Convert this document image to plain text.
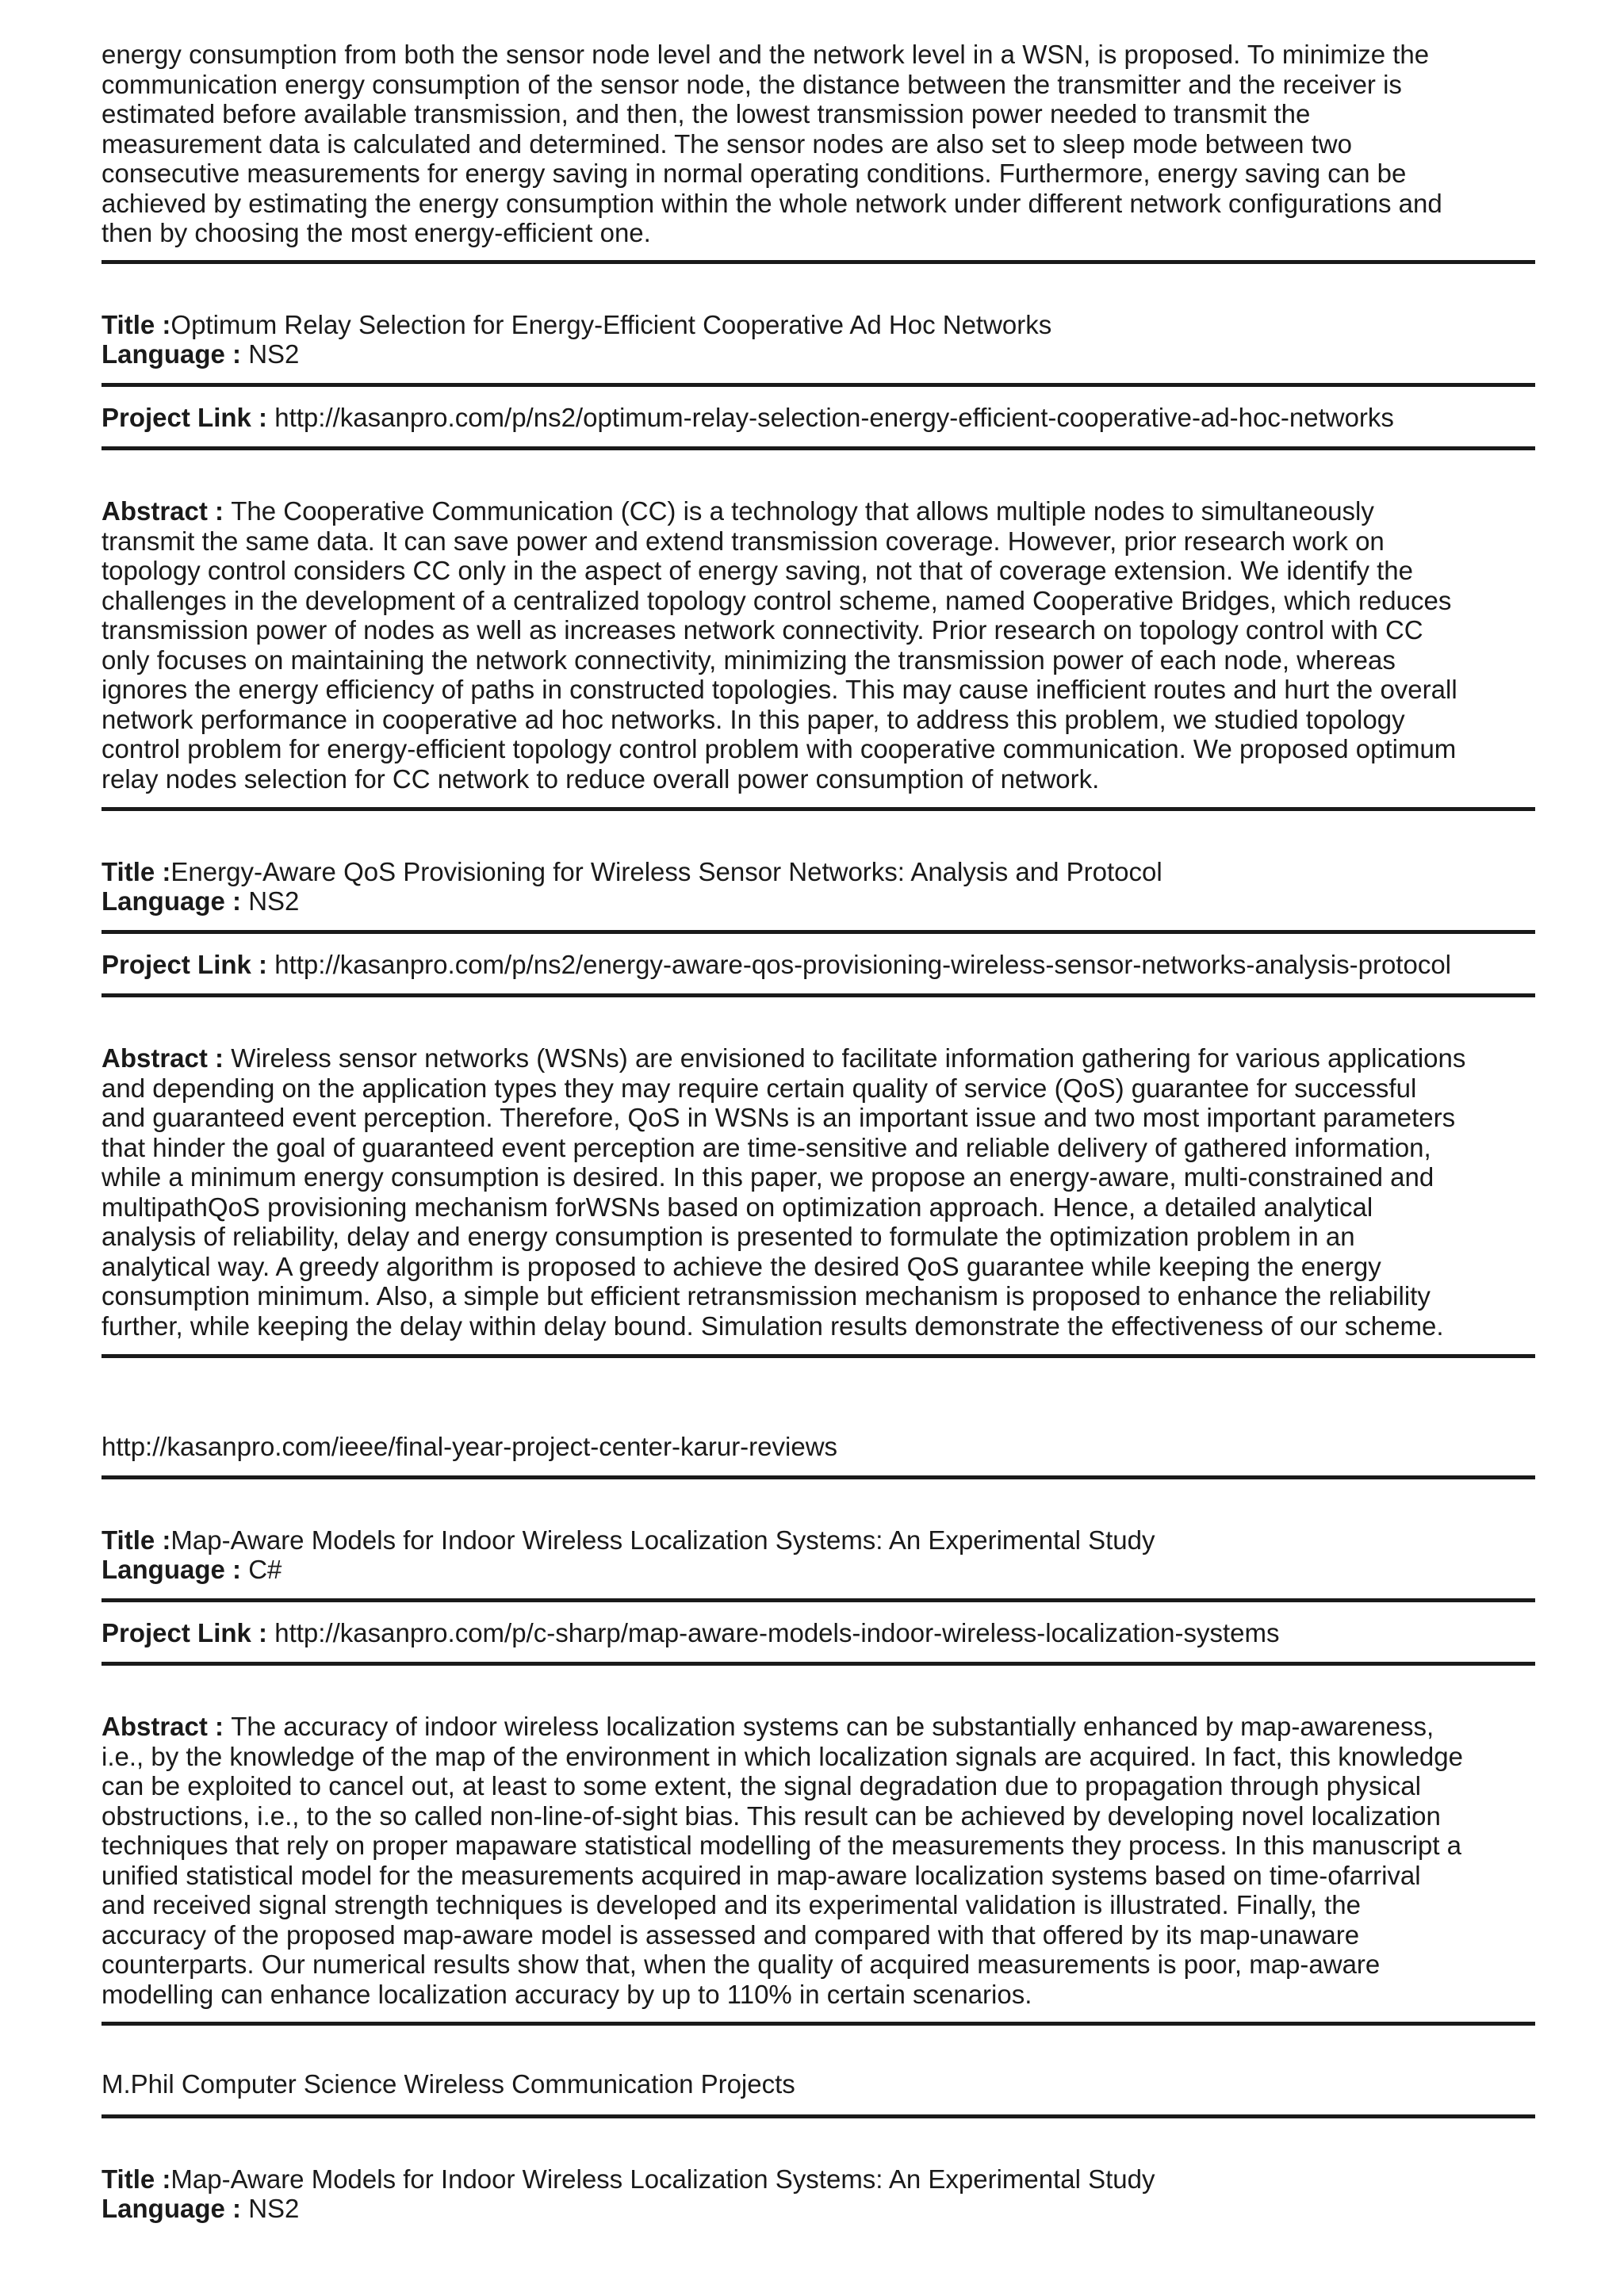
energy consumption from both the sensor node level and the network level in a WSN, is proposed. To minimize the
communication energy consumption of the sensor node, the distance between the transmitter and the receiver is
estimated before available transmission, and then, the lowest transmission power needed to transmit the
measurement data is calculated and determined. The sensor nodes are also set to sleep mode between two
consecutive measurements for energy saving in normal operating conditions. Furthermore, energy saving can be
achieved by estimating the energy consumption within the whole network under different network configurations and
then by choosing the most energy-efficient one.

Title :Optimum Relay Selection for Energy-Efficient Cooperative Ad Hoc Networks
Language : NS2
Project Link : http://kasanpro.com/p/ns2/optimum-relay-selection-energy-efficient-cooperative-ad-hoc-networks
Abstract : The Cooperative Communication (CC) is a technology that allows multiple nodes to simultaneously
transmit the same data. It can save power and extend transmission coverage. However, prior research work on
topology control considers CC only in the aspect of energy saving, not that of coverage extension. We identify the
challenges in the development of a centralized topology control scheme, named Cooperative Bridges, which reduces
transmission power of nodes as well as increases network connectivity. Prior research on topology control with CC
only focuses on maintaining the network connectivity, minimizing the transmission power of each node, whereas
ignores the energy efficiency of paths in constructed topologies. This may cause inefficient routes and hurt the overall
network performance in cooperative ad hoc networks. In this paper, to address this problem, we studied topology
control problem for energy-efficient topology control problem with cooperative communication. We proposed optimum
relay nodes selection for CC network to reduce overall power consumption of network.
Title :Energy-Aware QoS Provisioning for Wireless Sensor Networks: Analysis and Protocol
Language : NS2
Project Link : http://kasanpro.com/p/ns2/energy-aware-qos-provisioning-wireless-sensor-networks-analysis-protocol
Abstract : Wireless sensor networks (WSNs) are envisioned to facilitate information gathering for various applications
and depending on the application types they may require certain quality of service (QoS) guarantee for successful
and guaranteed event perception. Therefore, QoS in WSNs is an important issue and two most important parameters
that hinder the goal of guaranteed event perception are time-sensitive and reliable delivery of gathered information,
while a minimum energy consumption is desired. In this paper, we propose an energy-aware, multi-constrained and
multipathQoS provisioning mechanism forWSNs based on optimization approach. Hence, a detailed analytical
analysis of reliability, delay and energy consumption is presented to formulate the optimization problem in an
analytical way. A greedy algorithm is proposed to achieve the desired QoS guarantee while keeping the energy
consumption minimum. Also, a simple but efficient retransmission mechanism is proposed to enhance the reliability
further, while keeping the delay within delay bound. Simulation results demonstrate the effectiveness of our scheme.
http://kasanpro.com/ieee/final-year-project-center-karur-reviews
Title :Map-Aware Models for Indoor Wireless Localization Systems: An Experimental Study
Language : C#
Project Link : http://kasanpro.com/p/c-sharp/map-aware-models-indoor-wireless-localization-systems
Abstract : The accuracy of indoor wireless localization systems can be substantially enhanced by map-awareness,
i.e., by the knowledge of the map of the environment in which localization signals are acquired. In fact, this knowledge
can be exploited to cancel out, at least to some extent, the signal degradation due to propagation through physical
obstructions, i.e., to the so called non-line-of-sight bias. This result can be achieved by developing novel localization
techniques that rely on proper mapaware statistical modelling of the measurements they process. In this manuscript a
unified statistical model for the measurements acquired in map-aware localization systems based on time-ofarrival
and received signal strength techniques is developed and its experimental validation is illustrated. Finally, the
accuracy of the proposed map-aware model is assessed and compared with that offered by its map-unaware
counterparts. Our numerical results show that, when the quality of acquired measurements is poor, map-aware
modelling can enhance localization accuracy by up to 110% in certain scenarios.
M.Phil Computer Science Wireless Communication Projects
Title :Map-Aware Models for Indoor Wireless Localization Systems: An Experimental Study
Language : NS2
